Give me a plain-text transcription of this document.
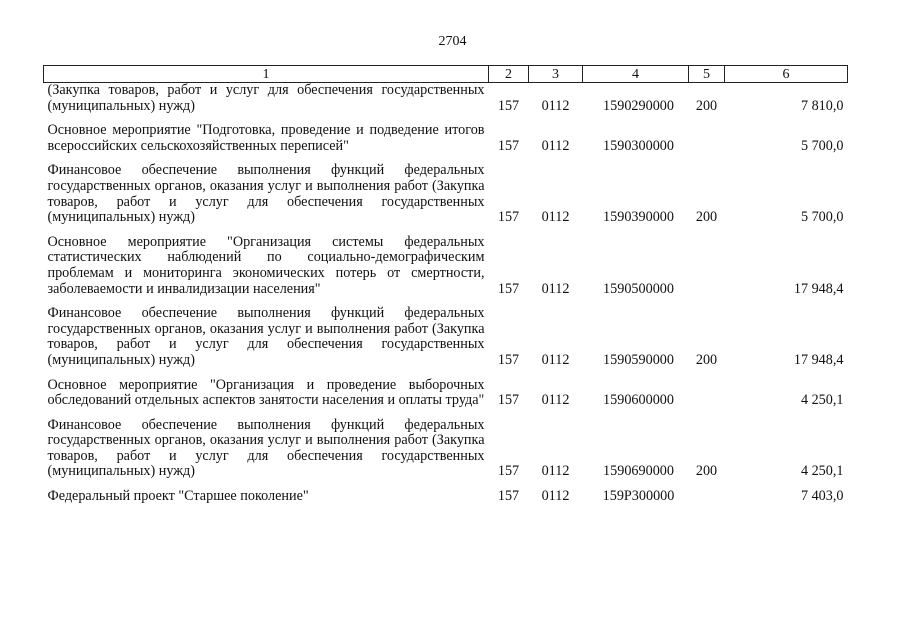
2704
1	2	3	4	5	6
(Закупка товаров, работ и услуг для обеспечения государственных (муниципальных) нужд)	157	0112	1590290000	200	7 810,0
Основное мероприятие "Подготовка, проведение и подведение итогов всероссийских сельскохозяйственных переписей"	157	0112	1590300000		5 700,0
Финансовое обеспечение выполнения функций федеральных государственных органов, оказания услуг и выполнения работ (Закупка товаров, работ и услуг для обеспечения государственных (муниципальных) нужд)	157	0112	1590390000	200	5 700,0
Основное мероприятие "Организация системы федеральных статистических наблюдений по социально-демографическим проблемам и мониторинга экономических потерь от смертности, заболеваемости и инвалидизации населения"	157	0112	1590500000		17 948,4
Финансовое обеспечение выполнения функций федеральных государственных органов, оказания услуг и выполнения работ (Закупка товаров, работ и услуг для обеспечения государственных (муниципальных) нужд)	157	0112	1590590000	200	17 948,4
Основное мероприятие "Организация и проведение выборочных обследований отдельных аспектов занятости населения и оплаты труда"	157	0112	1590600000		4 250,1
Финансовое обеспечение выполнения функций федеральных государственных органов, оказания услуг и выполнения работ (Закупка товаров, работ и услуг для обеспечения государственных (муниципальных) нужд)	157	0112	1590690000	200	4 250,1
Федеральный проект "Старшее поколение"	157	0112	159P300000		7 403,0
